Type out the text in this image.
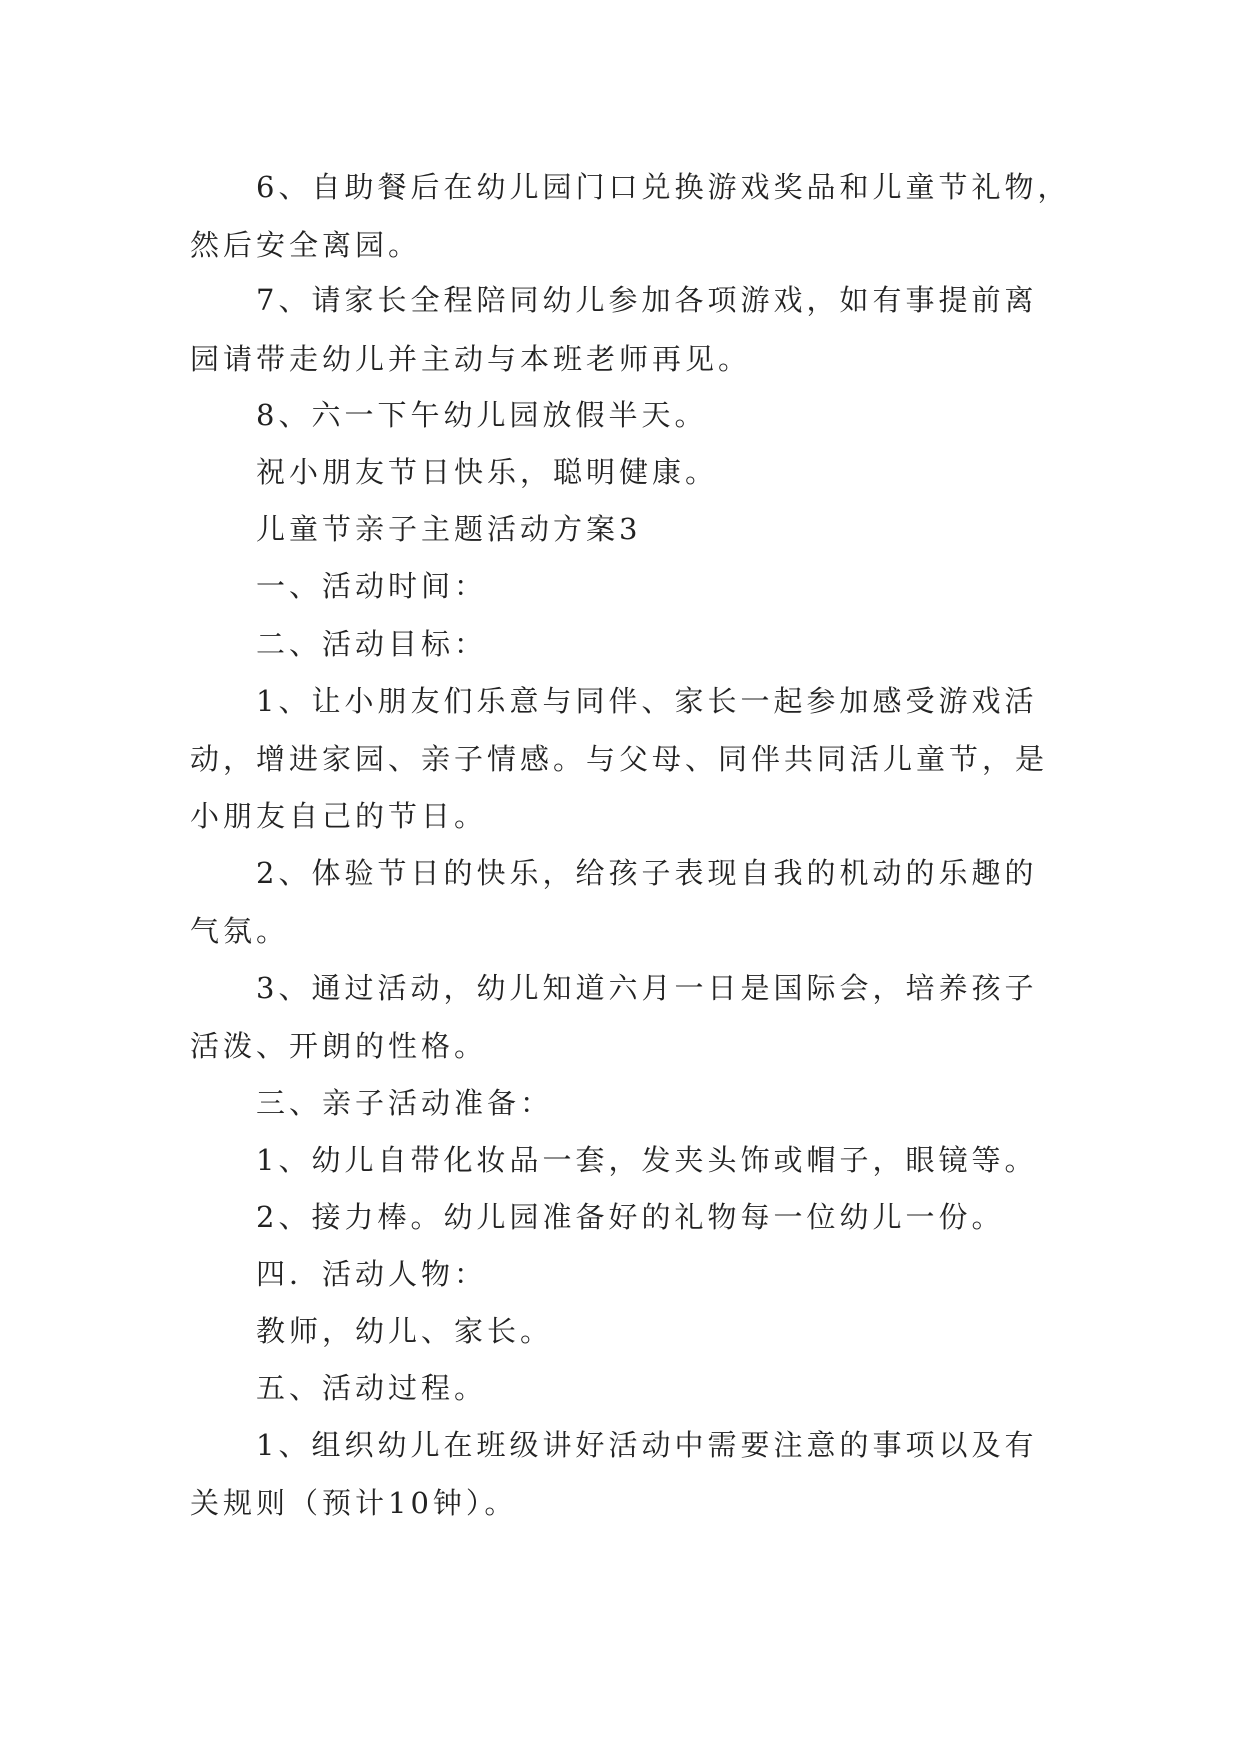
6、自助餐后在幼儿园门口兑换游戏奖品和儿童节礼物，
然后安全离园。
7、请家长全程陪同幼儿参加各项游戏，如有事提前离
园请带走幼儿并主动与本班老师再见。
8、六一下午幼儿园放假半天。
祝小朋友节日快乐，聪明健康。
儿童节亲子主题活动方案3
一、活动时间：
二、活动目标：
1、让小朋友们乐意与同伴、家长一起参加感受游戏活
动，增进家园、亲子情感。与父母、同伴共同活儿童节，是
小朋友自己的节日。
2、体验节日的快乐，给孩子表现自我的机动的乐趣的
气氛。
3、通过活动，幼儿知道六月一日是国际会，培养孩子
活泼、开朗的性格。
三、亲子活动准备：
1、幼儿自带化妆品一套，发夹头饰或帽子，眼镜等。
2、接力棒。幼儿园准备好的礼物每一位幼儿一份。
四．活动人物：
教师，幼儿、家长。
五、活动过程。
1、组织幼儿在班级讲好活动中需要注意的事项以及有
关规则（预计10钟）。
